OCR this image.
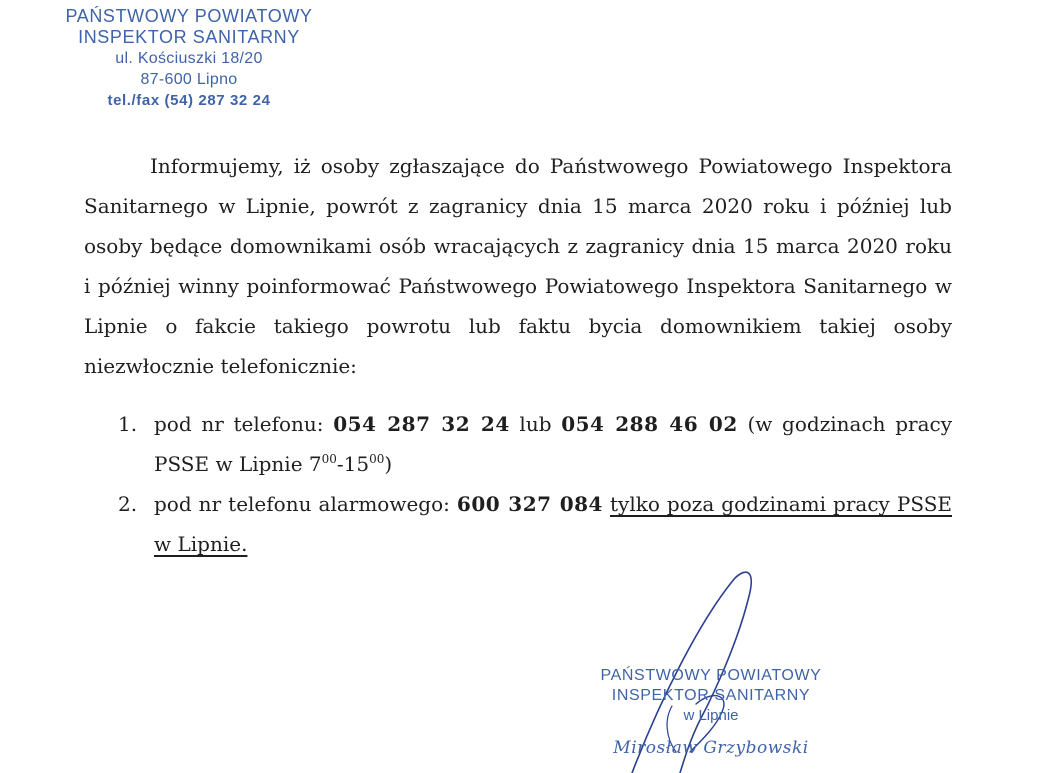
PAŃSTWOWY POWIATOWY
INSPEKTOR SANITARNY
ul. Kościuszki 18/20
87-600 Lipno
tel./fax (54) 287 32 24

Informujemy, iż osoby zgłaszające do Państwowego Powiatowego Inspektora Sanitarnego w Lipnie, powrót z zagranicy dnia 15 marca 2020 roku i później lub osoby będące domownikami osób wracających z zagranicy dnia 15 marca 2020 roku i później winny poinformować Państwowego Powiatowego Inspektora Sanitarnego w Lipnie o fakcie takiego powrotu lub faktu bycia domownikiem takiej osoby niezwłocznie telefonicznie:

1. pod nr telefonu: 054 287 32 24 lub 054 288 46 02 (w godzinach pracy PSSE w Lipnie $7^{00}-15^{00}$)
2. pod nr telefonu alarmowego: 600 327 084 tylko poza godzinami pracy PSSE w Lipnie.
PAŃSTWOWY POWIATOWY
INSPEKTOR SANITARNY
w Lipnie
Mirosław Grzybowski
